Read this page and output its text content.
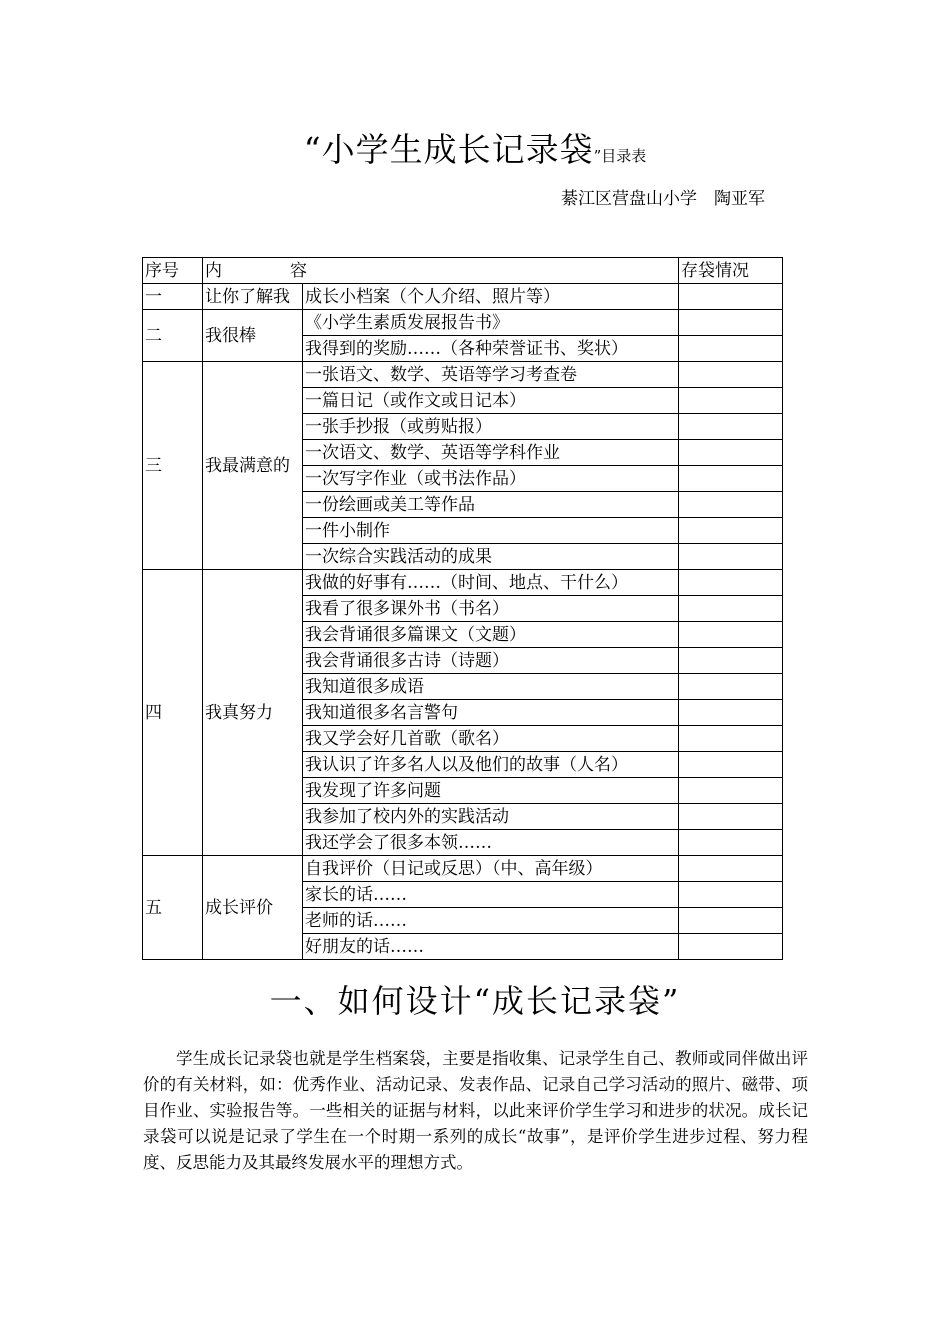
“小学生成长记录袋”目录表
綦江区营盘山小学　陶亚军
序号	内　　　　容		存袋情况
一	让你了解我	成长小档案（个人介绍、照片等）	
二	我很棒	《小学生素质发展报告书》	
		我得到的奖励……（各种荣誉证书、奖状）	
三	我最满意的	一张语文、数学、英语等学习考查卷	
		一篇日记（或作文或日记本）	
		一张手抄报（或剪贴报）	
		一次语文、数学、英语等学科作业	
		一次写字作业（或书法作品）	
		一份绘画或美工等作品	
		一件小制作	
		一次综合实践活动的成果	
四	我真努力	我做的好事有……（时间、地点、干什么）	
		我看了很多课外书（书名）	
		我会背诵很多篇课文（文题）	
		我会背诵很多古诗（诗题）	
		我知道很多成语	
		我知道很多名言警句	
		我又学会好几首歌（歌名）	
		我认识了许多名人以及他们的故事（人名）	
		我发现了许多问题	
		我参加了校内外的实践活动	
		我还学会了很多本领……	
五	成长评价	自我评价（日记或反思）（中、高年级）	
		家长的话……	
		老师的话……	
		好朋友的话……	
一、如何设计“成长记录袋”
学生成长记录袋也就是学生档案袋，主要是指收集、记录学生自己、教师或同伴做出评价的有关材料，如：优秀作业、活动记录、发表作品、记录自己学习活动的照片、磁带、项目作业、实验报告等。一些相关的证据与材料，以此来评价学生学习和进步的状况。成长记录袋可以说是记录了学生在一个时期一系列的成长“故事”，是评价学生进步过程、努力程度、反思能力及其最终发展水平的理想方式。
